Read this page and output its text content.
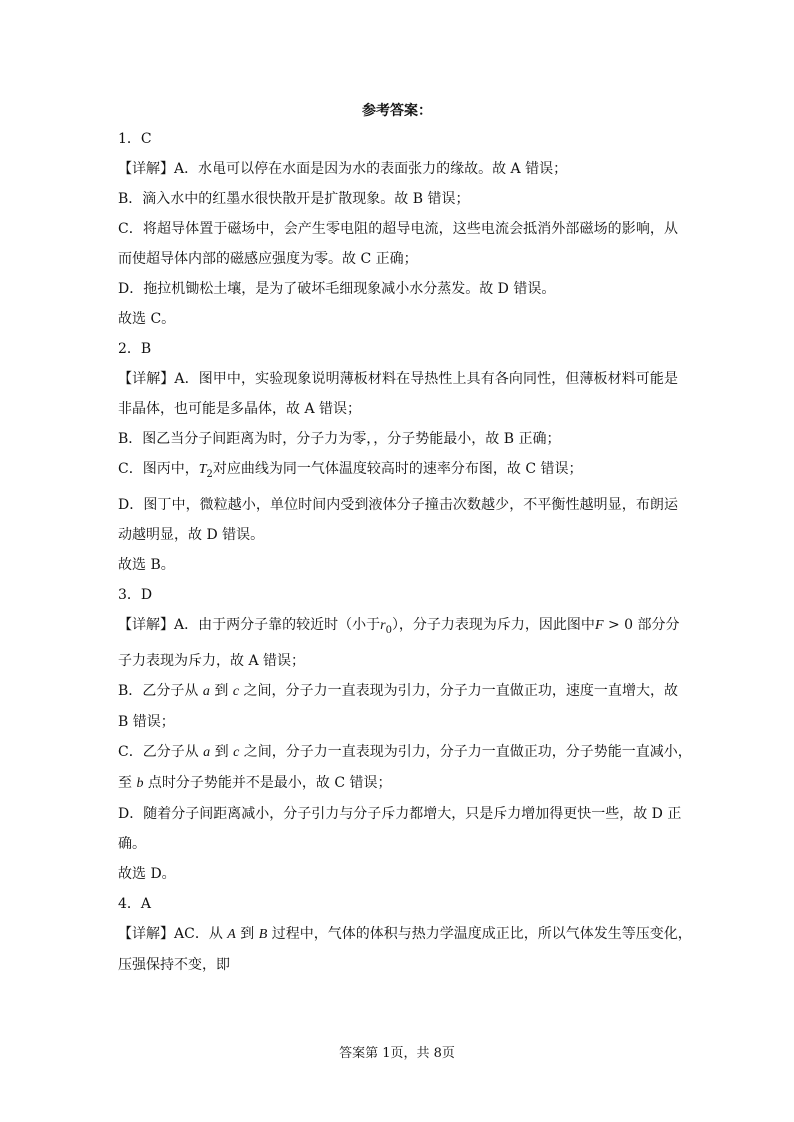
参考答案：
1．C
【详解】A．水黾可以停在水面是因为水的表面张力的缘故。故 A 错误；
B．滴入水中的红墨水很快散开是扩散现象。故 B 错误；
C．将超导体置于磁场中，会产生零电阻的超导电流，这些电流会抵消外部磁场的影响，从
而使超导体内部的磁感应强度为零。故 C 正确；
D．拖拉机锄松土壤，是为了破坏毛细现象减小水分蒸发。故 D 错误。
故选 C。
2．B
【详解】A．图甲中，实验现象说明薄板材料在导热性上具有各向同性，但薄板材料可能是
非晶体，也可能是多晶体，故 A 错误；
B．图乙当分子间距离为时，分子力为零，，分子势能最小，故 B 正确；
C．图丙中，$T_2$对应曲线为同一气体温度较高时的速率分布图，故 C 错误；
D．图丁中，微粒越小，单位时间内受到液体分子撞击次数越少，不平衡性越明显，布朗运
动越明显，故 D 错误。
故选 B。
3．D
【详解】A．由于两分子靠的较近时（小于$r_0$），分子力表现为斥力，因此图中F > 0 部分分
子力表现为斥力，故 A 错误；
B．乙分子从 a 到 c 之间，分子力一直表现为引力，分子力一直做正功，速度一直增大，故
B 错误；
C．乙分子从 a 到 c 之间，分子力一直表现为引力，分子力一直做正功，分子势能一直减小，
至 b 点时分子势能并不是最小，故 C 错误；
D．随着分子间距离减小，分子引力与分子斥力都增大，只是斥力增加得更快一些，故 D 正
确。
故选 D。
4．A
【详解】AC．从 A 到 B 过程中，气体的体积与热力学温度成正比，所以气体发生等压变化，
压强保持不变，即
答案第 1页，共 8页
